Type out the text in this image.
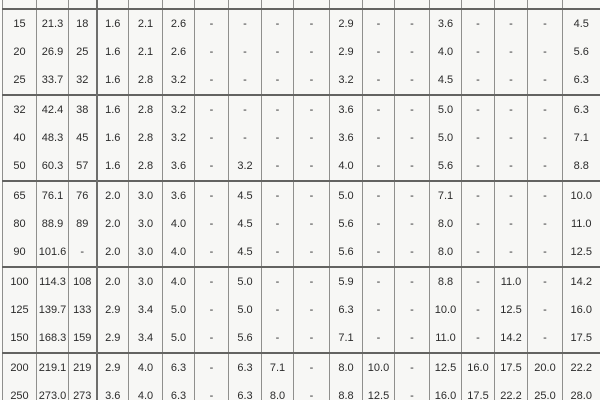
15	21.3	18	1.6	2.1	2.6	-	-	-	-	2.9	-	-	3.6	-	-	-	4.5
20	26.9	25	1.6	2.1	2.6	-	-	-	-	2.9	-	-	4.0	-	-	-	5.6
25	33.7	32	1.6	2.8	3.2	-	-	-	-	3.2	-	-	4.5	-	-	-	6.3
32	42.4	38	1.6	2.8	3.2	-	-	-	-	3.6	-	-	5.0	-	-	-	6.3
40	48.3	45	1.6	2.8	3.2	-	-	-	-	3.6	-	-	5.0	-	-	-	7.1
50	60.3	57	1.6	2.8	3.6	-	3.2	-	-	4.0	-	-	5.6	-	-	-	8.8
65	76.1	76	2.0	3.0	3.6	-	4.5	-	-	5.0	-	-	7.1	-	-	-	10.0
80	88.9	89	2.0	3.0	4.0	-	4.5	-	-	5.6	-	-	8.0	-	-	-	11.0
90	101.6	-	2.0	3.0	4.0	-	4.5	-	-	5.6	-	-	8.0	-	-	-	12.5
100	114.3	108	2.0	3.0	4.0	-	5.0	-	-	5.9	-	-	8.8	-	11.0	-	14.2
125	139.7	133	2.9	3.4	5.0	-	5.0	-	-	6.3	-	-	10.0	-	12.5	-	16.0
150	168.3	159	2.9	3.4	5.0	-	5.6	-	-	7.1	-	-	11.0	-	14.2	-	17.5
200	219.1	219	2.9	4.0	6.3	-	6.3	7.1	-	8.0	10.0	-	12.5	16.0	17.5	20.0	22.2
250	273.0	273	3.6	4.0	6.3	-	6.3	8.0	-	8.8	12.5	-	16.0	17.5	22.2	25.0	28.0
